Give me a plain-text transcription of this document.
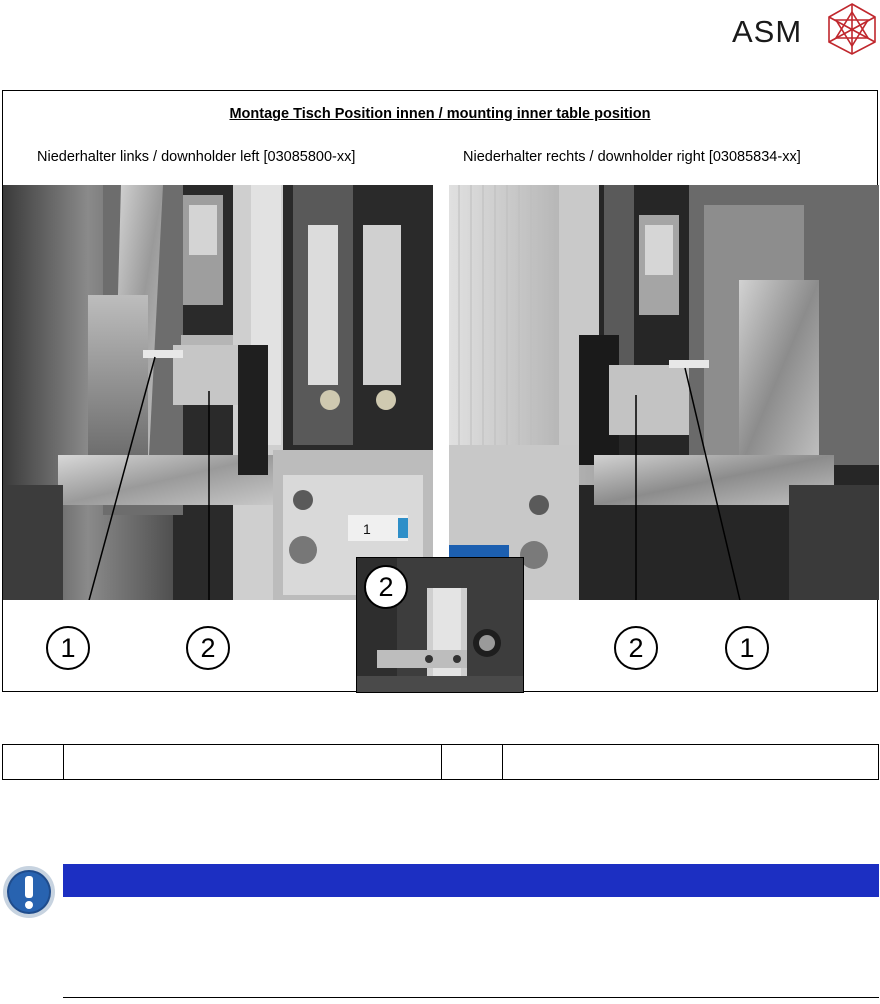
ASM
Montage Tisch Position innen / mounting inner table position
Niederhalter links / downholder left [03085800-xx]	Niederhalter rechts / downholder right [03085834-xx]
1
1	2	2	1
2
